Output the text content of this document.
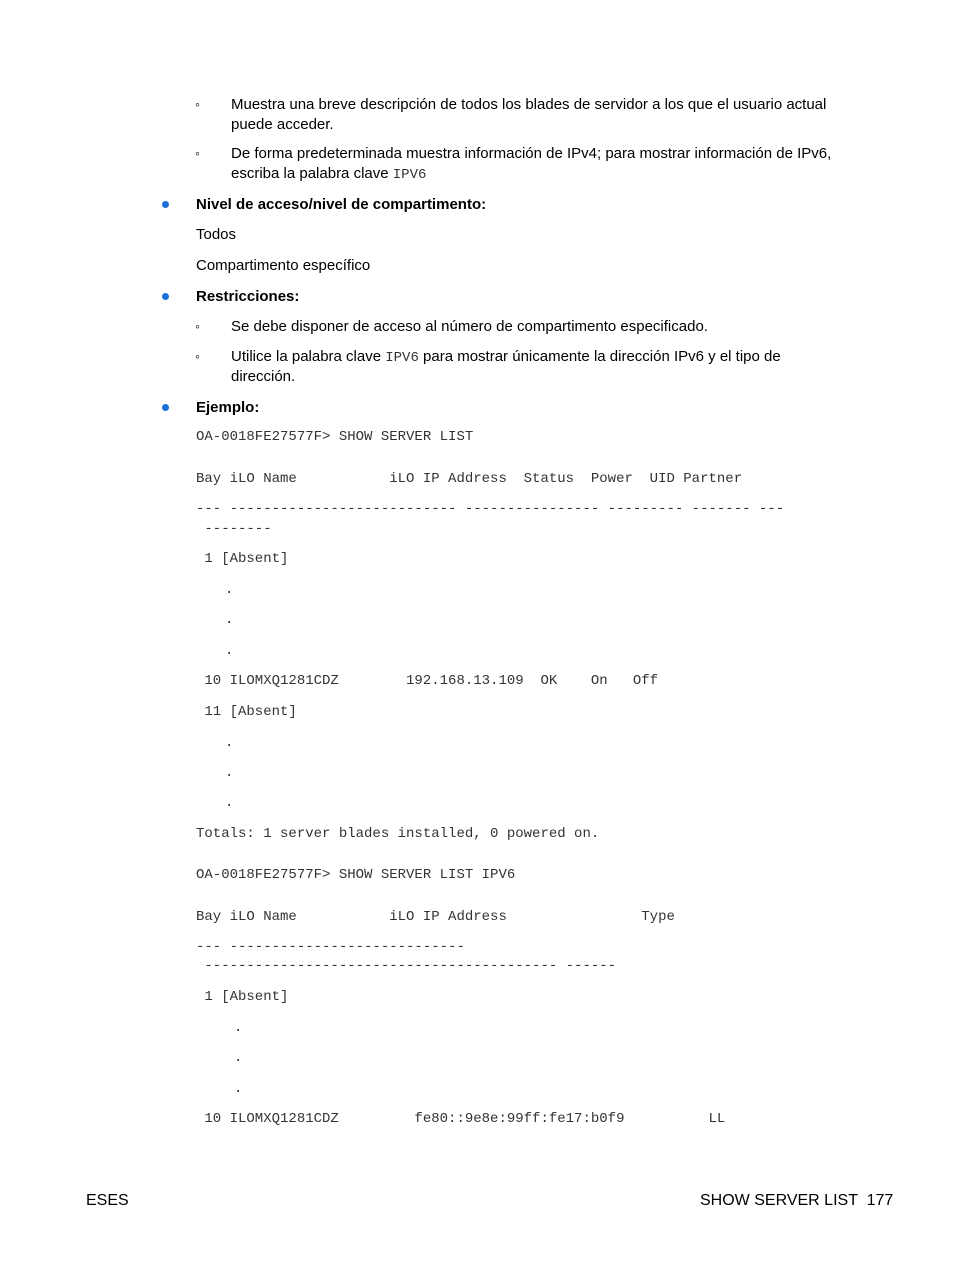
◦ Muestra una breve descripción de todos los blades de servidor a los que el usuario actual
puede acceder.
◦ De forma predeterminada muestra información de IPv4; para mostrar información de IPv6,
escriba la palabra clave IPV6
Nivel de acceso/nivel de compartimento:
Todos
Compartimento específico
Restricciones:
◦ Se debe disponer de acceso al número de compartimento especificado.
◦ Utilice la palabra clave IPV6 para mostrar únicamente la dirección IPv6 y el tipo de
dirección.
Ejemplo:
OA-0018FE27577F> SHOW SERVER LIST
Bay iLO Name           iLO IP Address  Status  Power  UID Partner
--- --------------------------- ---------------- --------- ------- ---
--------
1 [Absent]
.
.
.
10 ILOMXQ1281CDZ        192.168.13.109  OK    On   Off
11 [Absent]
.
.
.
Totals: 1 server blades installed, 0 powered on.
OA-0018FE27577F> SHOW SERVER LIST IPV6
Bay iLO Name           iLO IP Address                Type
--- ----------------------------
------------------------------------------ ------
1 [Absent]
.
.
.
10 ILOMXQ1281CDZ         fe80::9e8e:99ff:fe17:b0f9          LL
ESES	SHOW SERVER LIST 177
